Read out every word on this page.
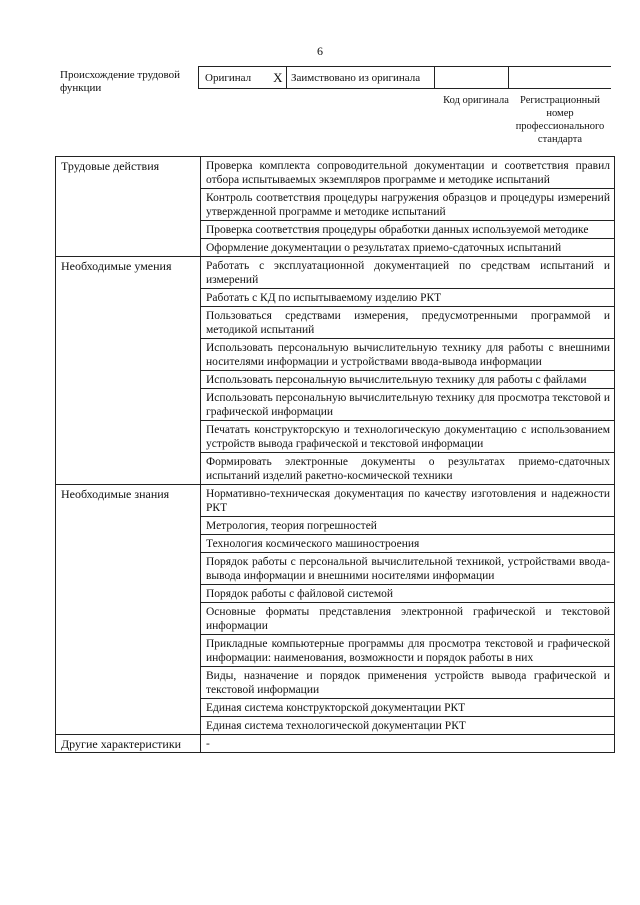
6
Происхождение трудовой функции
Оригинал X Заимствовано из оригинала
Код оригинала	Регистрационный номер профессионального стандарта
Трудовые действия	Проверка комплекта сопроводительной документации и соответствия правил отбора испытываемых экземпляров программе и методике испытаний
	Контроль соответствия процедуры нагружения образцов и процедуры измерений утвержденной программе и методике испытаний
	Проверка соответствия процедуры обработки данных используемой методике
	Оформление документации о результатах приемо-сдаточных испытаний
Необходимые умения	Работать с эксплуатационной документацией по средствам испытаний и измерений
	Работать с КД по испытываемому изделию РКТ
	Пользоваться средствами измерения, предусмотренными программой и методикой испытаний
	Использовать персональную вычислительную технику для работы с внешними носителями информации и устройствами ввода-вывода информации
	Использовать персональную вычислительную технику для работы с файлами
	Использовать персональную вычислительную технику для просмотра текстовой и графической информации
	Печатать конструкторскую и технологическую документацию с использованием устройств вывода графической и текстовой информации
	Формировать электронные документы о результатах приемо-сдаточных испытаний изделий ракетно-космической техники
Необходимые знания	Нормативно-техническая документация по качеству изготовления и надежности РКТ
	Метрология, теория погрешностей
	Технология космического машиностроения
	Порядок работы с персональной вычислительной техникой, устройствами ввода-вывода информации и внешними носителями информации
	Порядок работы с файловой системой
	Основные форматы представления электронной графической и текстовой информации
	Прикладные компьютерные программы для просмотра текстовой и графической информации: наименования, возможности и порядок работы в них
	Виды, назначение и порядок применения устройств вывода графической и текстовой информации
	Единая система конструкторской документации РКТ
	Единая система технологической документации РКТ
Другие характеристики	-
